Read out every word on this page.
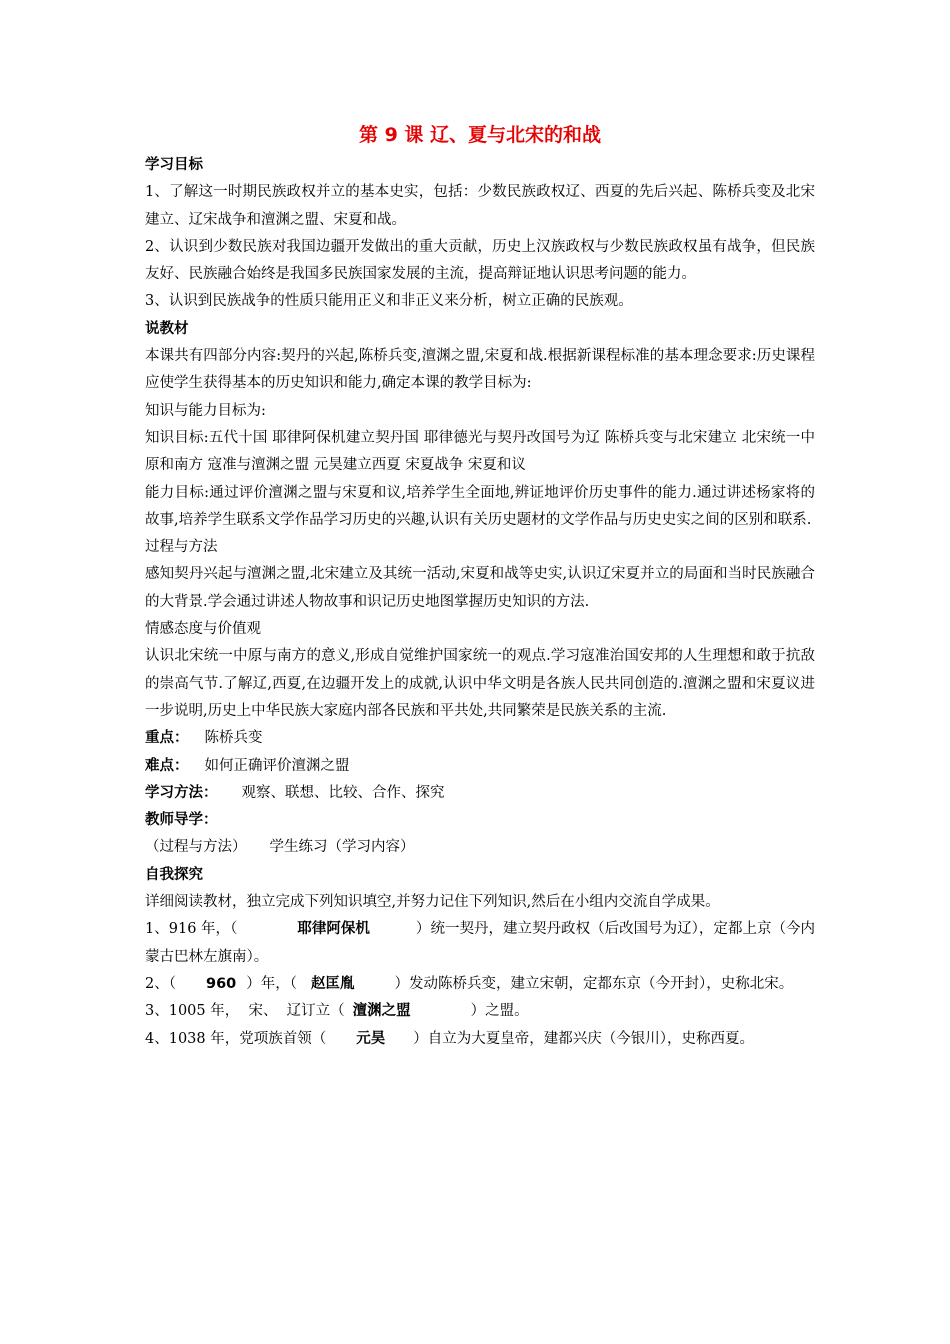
第 9 课 辽、夏与北宋的和战

学习目标

1、了解这一时期民族政权并立的基本史实，包括：少数民族政权辽、西夏的先后兴起、陈桥兵变及北宋建立、辽宋战争和澶渊之盟、宋夏和战。

2、认识到少数民族对我国边疆开发做出的重大贡献，历史上汉族政权与少数民族政权虽有战争，但民族友好、民族融合始终是我国多民族国家发展的主流，提高辩证地认识思考问题的能力。

3、认识到民族战争的性质只能用正义和非正义来分析，树立正确的民族观。

说教材

本课共有四部分内容:契丹的兴起,陈桥兵变,澶渊之盟,宋夏和战.根据新课程标准的基本理念要求:历史课程应使学生获得基本的历史知识和能力,确定本课的教学目标为:

知识与能力目标为:

知识目标:五代十国 耶律阿保机建立契丹国 耶律德光与契丹改国号为辽 陈桥兵变与北宋建立 北宋统一中原和南方 寇准与澶渊之盟 元昊建立西夏 宋夏战争 宋夏和议

能力目标:通过评价澶渊之盟与宋夏和议,培养学生全面地,辨证地评价历史事件的能力.通过讲述杨家将的故事,培养学生联系文学作品学习历史的兴趣,认识有关历史题材的文学作品与历史史实之间的区别和联系.

过程与方法

感知契丹兴起与澶渊之盟,北宋建立及其统一活动,宋夏和战等史实,认识辽宋夏并立的局面和当时民族融合的大背景.学会通过讲述人物故事和识记历史地图掌握历史知识的方法.

情感态度与价值观

认识北宋统一中原与南方的意义,形成自觉维护国家统一的观点.学习寇准治国安邦的人生理想和敢于抗敌的崇高气节.了解辽,西夏,在边疆开发上的成就,认识中华文明是各族人民共同创造的.澶渊之盟和宋夏议进一步说明,历史上中华民族大家庭内部各民族和平共处,共同繁荣是民族关系的主流.

重点： 陈桥兵变

难点： 如何正确评价澶渊之盟

学习方法： 观察、联想、比较、合作、探究

教师导学：

（过程与方法）     学生练习（学习内容）

自我探究

详细阅读教材，独立完成下列知识填空,并努力记住下列知识,然后在小组内交流自学成果。

1、916 年，（	耶律阿保机	）统一契丹，建立契丹政权（后改国号为辽），定都上京（今内蒙古巴林左旗南）。

2、（ 960 ）年，（ 赵匡胤	）发动陈桥兵变，建立宋朝，定都东京（今开封），史称北宋。

3、1005 年，  宋、  辽订立（ 澶渊之盟	）之盟。

4、1038 年，党项族首领（ 元昊 ）自立为大夏皇帝，建都兴庆（今银川），史称西夏。
